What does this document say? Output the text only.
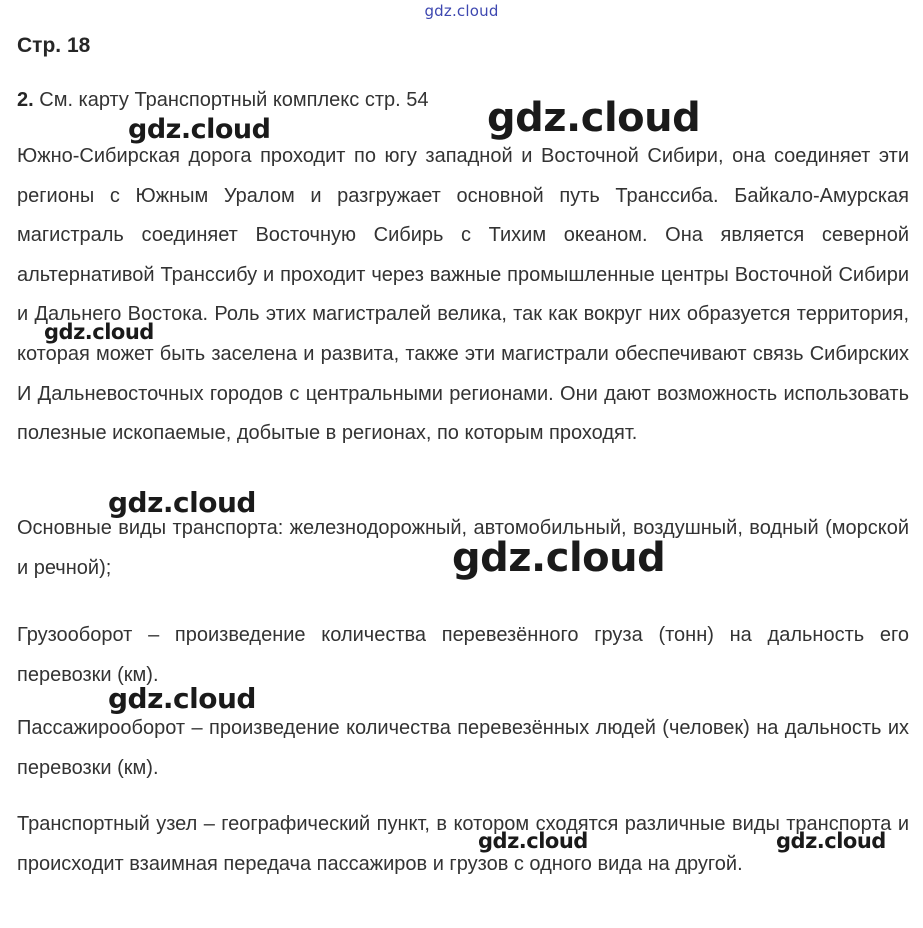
gdz.cloud
Стр. 18
2. См. карту Транспортный комплекс стр. 54
Южно-Сибирская дорога проходит по югу западной и Восточной Сибири, она соединяет эти регионы с Южным Уралом и разгружает основной путь Транссиба. Байкало-Амурская магистраль соединяет Восточную Сибирь с Тихим океаном. Она является северной альтернативой Транссибу и проходит через важные промышленные центры Восточной Сибири и Дальнего Востока. Роль этих магистралей велика, так как вокруг них образуется территория, которая может быть заселена и развита, также эти магистрали обеспечивают связь Сибирских И Дальневосточных городов с центральными регионами. Они дают возможность использовать полезные ископаемые, добытые в регионах, по которым проходят.
Основные виды транспорта: железнодорожный, автомобильный, воздушный, водный (морской и речной);
Грузооборот – произведение количества перевезённого груза (тонн) на дальность его перевозки (км).
Пассажирооборот – произведение количества перевезённых людей (человек) на дальность их перевозки (км).
Транспортный узел – географический пункт, в котором сходятся различные виды транспорта и происходит взаимная передача пассажиров и грузов с одного вида на другой.
gdz.cloud	gdz.cloud
gdz.cloud
gdz.cloud
gdz.cloud
gdz.cloud
gdz.cloud	gdz.cloud
